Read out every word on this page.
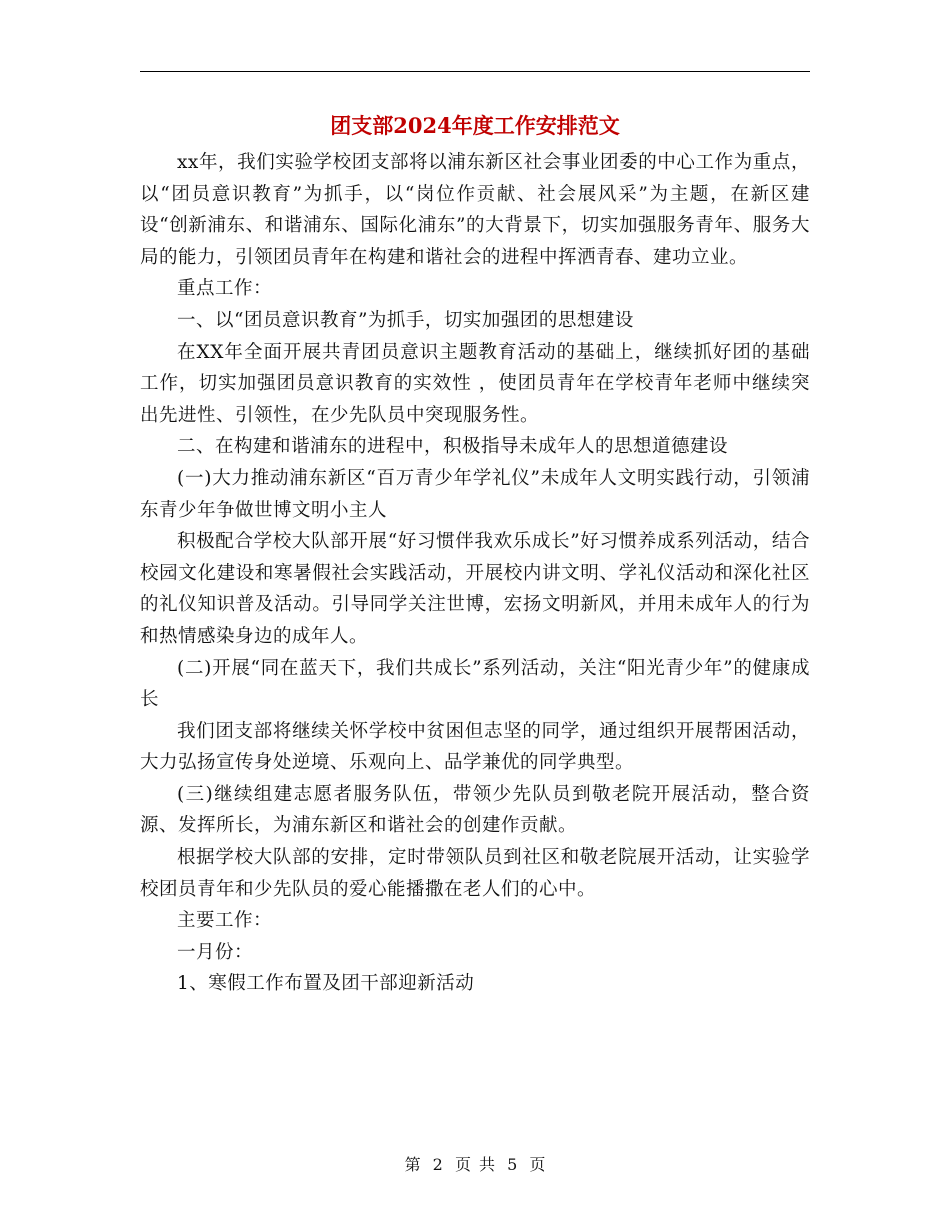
团支部2024年度工作安排范文

xx年，我们实验学校团支部将以浦东新区社会事业团委的中心工作为重点，以“团员意识教育”为抓手，以“岗位作贡献、社会展风采”为主题，在新区建设“创新浦东、和谐浦东、国际化浦东”的大背景下，切实加强服务青年、服务大局的能力，引领团员青年在构建和谐社会的进程中挥洒青春、建功立业。

重点工作：

一、以“团员意识教育”为抓手，切实加强团的思想建设

在XX年全面开展共青团员意识主题教育活动的基础上，继续抓好团的基础工作，切实加强团员意识教育的实效性 ，使团员青年在学校青年老师中继续突出先进性、引领性，在少先队员中突现服务性。

二、在构建和谐浦东的进程中，积极指导未成年人的思想道德建设

(一)大力推动浦东新区“百万青少年学礼仪”未成年人文明实践行动，引领浦东青少年争做世博文明小主人

积极配合学校大队部开展“好习惯伴我欢乐成长”好习惯养成系列活动，结合校园文化建设和寒暑假社会实践活动，开展校内讲文明、学礼仪活动和深化社区的礼仪知识普及活动。引导同学关注世博，宏扬文明新风，并用未成年人的行为和热情感染身边的成年人。

(二)开展“同在蓝天下，我们共成长”系列活动，关注“阳光青少年”的健康成长

我们团支部将继续关怀学校中贫困但志坚的同学，通过组织开展帮困活动，大力弘扬宣传身处逆境、乐观向上、品学兼优的同学典型。

(三)继续组建志愿者服务队伍，带领少先队员到敬老院开展活动，整合资源、发挥所长，为浦东新区和谐社会的创建作贡献。

根据学校大队部的安排，定时带领队员到社区和敬老院展开活动，让实验学校团员青年和少先队员的爱心能播撒在老人们的心中。

主要工作：

一月份：

1、寒假工作布置及团干部迎新活动

第 2 页 共 5 页
